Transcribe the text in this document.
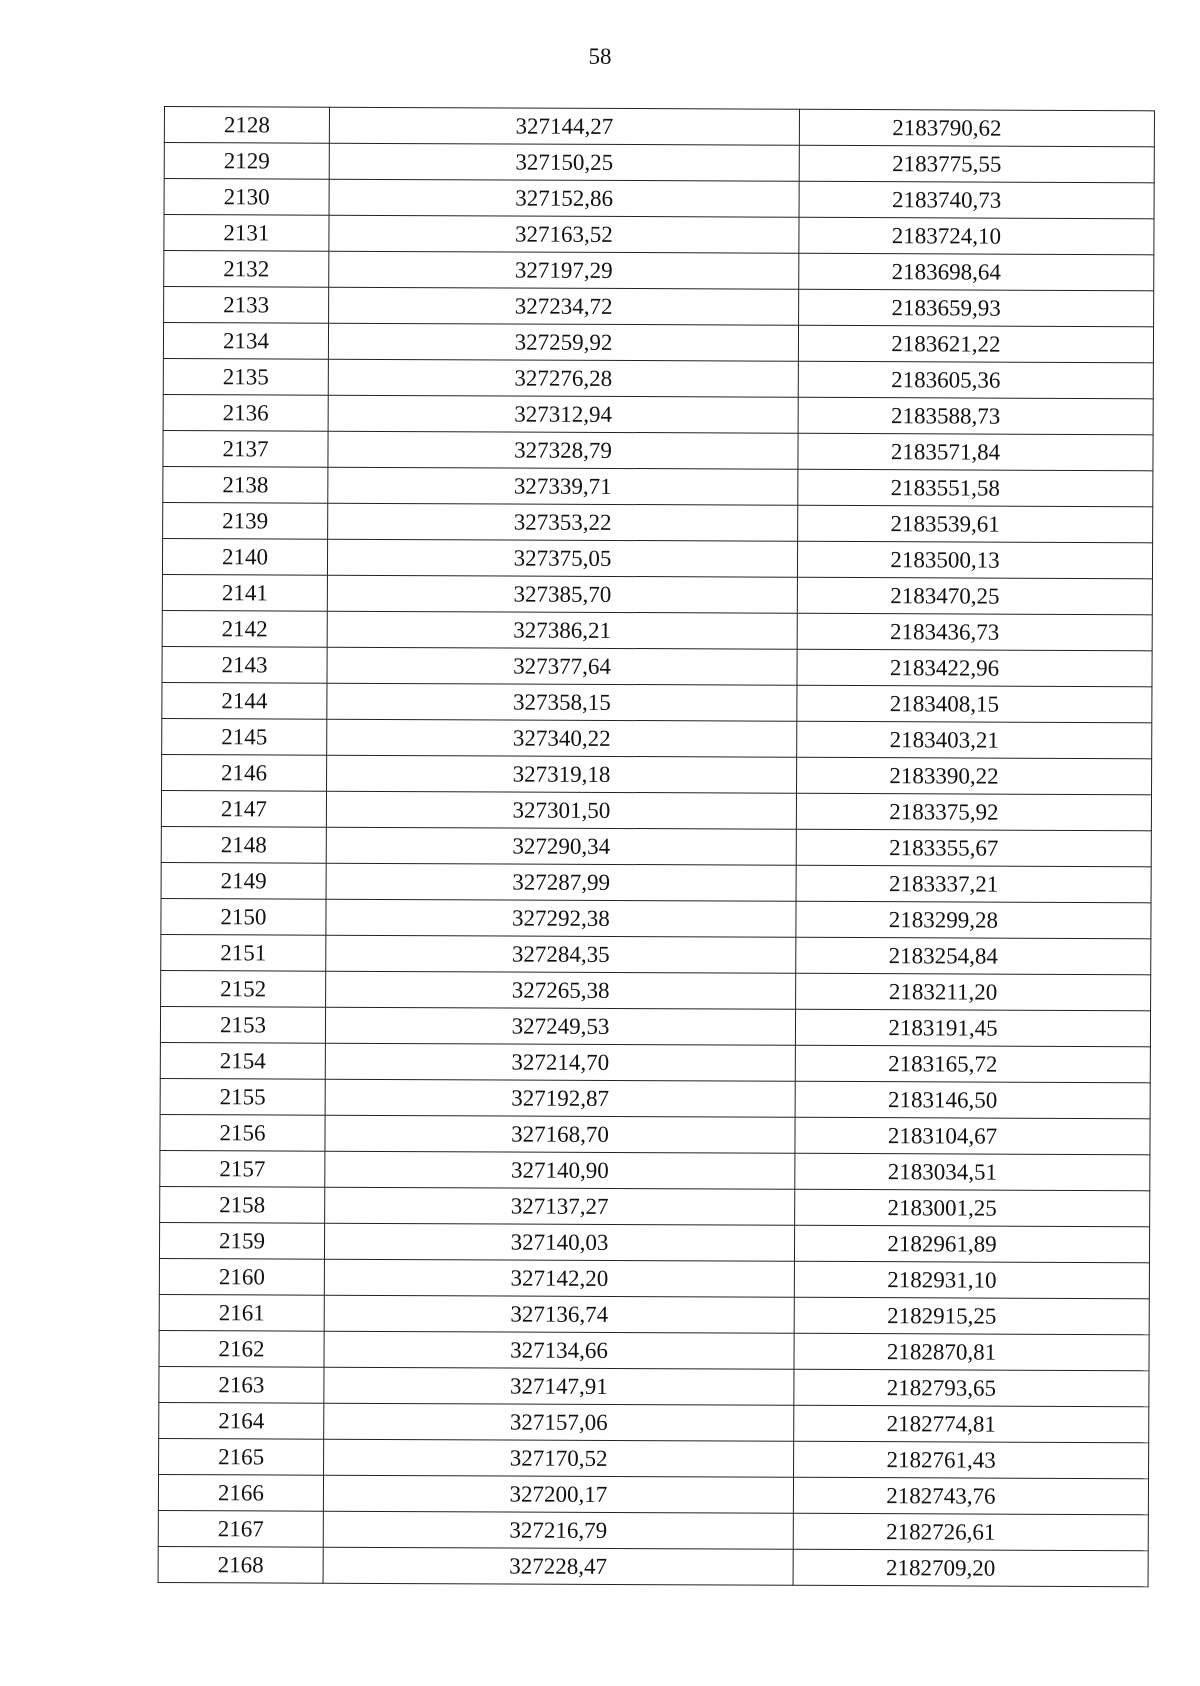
58
2128	327144,27	2183790,62
2129	327150,25	2183775,55
2130	327152,86	2183740,73
2131	327163,52	2183724,10
2132	327197,29	2183698,64
2133	327234,72	2183659,93
2134	327259,92	2183621,22
2135	327276,28	2183605,36
2136	327312,94	2183588,73
2137	327328,79	2183571,84
2138	327339,71	2183551,58
2139	327353,22	2183539,61
2140	327375,05	2183500,13
2141	327385,70	2183470,25
2142	327386,21	2183436,73
2143	327377,64	2183422,96
2144	327358,15	2183408,15
2145	327340,22	2183403,21
2146	327319,18	2183390,22
2147	327301,50	2183375,92
2148	327290,34	2183355,67
2149	327287,99	2183337,21
2150	327292,38	2183299,28
2151	327284,35	2183254,84
2152	327265,38	2183211,20
2153	327249,53	2183191,45
2154	327214,70	2183165,72
2155	327192,87	2183146,50
2156	327168,70	2183104,67
2157	327140,90	2183034,51
2158	327137,27	2183001,25
2159	327140,03	2182961,89
2160	327142,20	2182931,10
2161	327136,74	2182915,25
2162	327134,66	2182870,81
2163	327147,91	2182793,65
2164	327157,06	2182774,81
2165	327170,52	2182761,43
2166	327200,17	2182743,76
2167	327216,79	2182726,61
2168	327228,47	2182709,20
